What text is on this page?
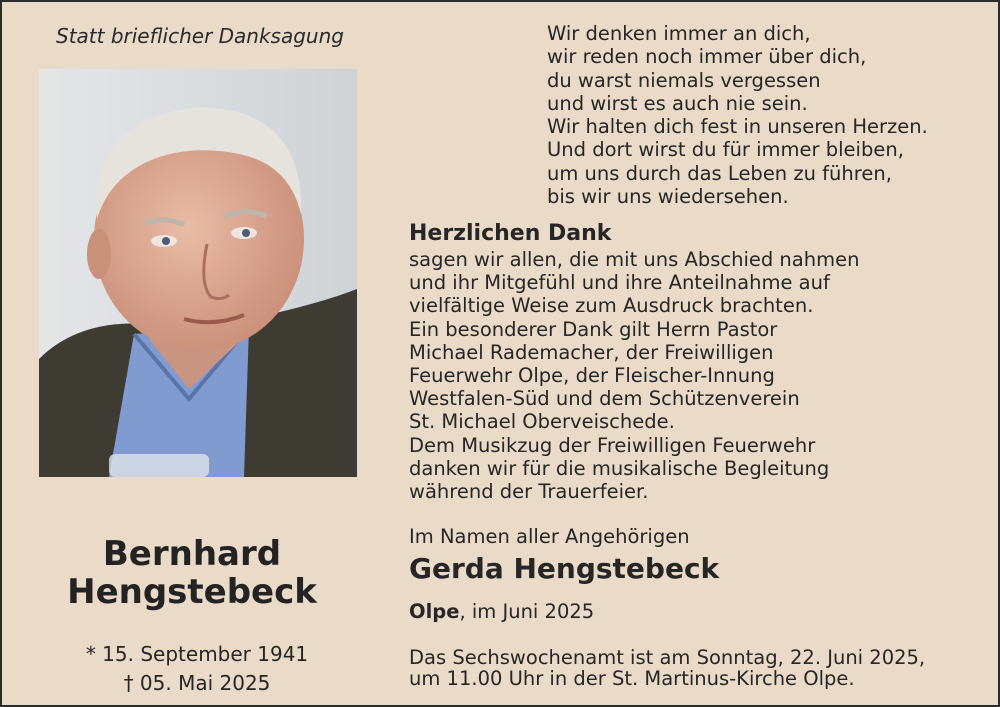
Statt brieflicher Danksagung
Bernhard
Hengstebeck
* 15. September 1941
† 05. Mai 2025
Wir denken immer an dich,
wir reden noch immer über dich,
du warst niemals vergessen
und wirst es auch nie sein.
Wir halten dich fest in unseren Herzen.
Und dort wirst du für immer bleiben,
um uns durch das Leben zu führen,
bis wir uns wiedersehen.
Herzlichen Dank
sagen wir allen, die mit uns Abschied nahmen
und ihr Mitgefühl und ihre Anteilnahme auf
vielfältige Weise zum Ausdruck brachten.
Ein besonderer Dank gilt Herrn Pastor
Michael Rademacher, der Freiwilligen
Feuerwehr Olpe, der Fleischer-Innung
Westfalen-Süd und dem Schützenverein
St. Michael Oberveischede.
Dem Musikzug der Freiwilligen Feuerwehr
danken wir für die musikalische Begleitung
während der Trauerfeier.
Im Namen aller Angehörigen
Gerda Hengstebeck
Olpe, im Juni 2025
Das Sechswochenamt ist am Sonntag, 22. Juni 2025,
um 11.00 Uhr in der St. Martinus-Kirche Olpe.
